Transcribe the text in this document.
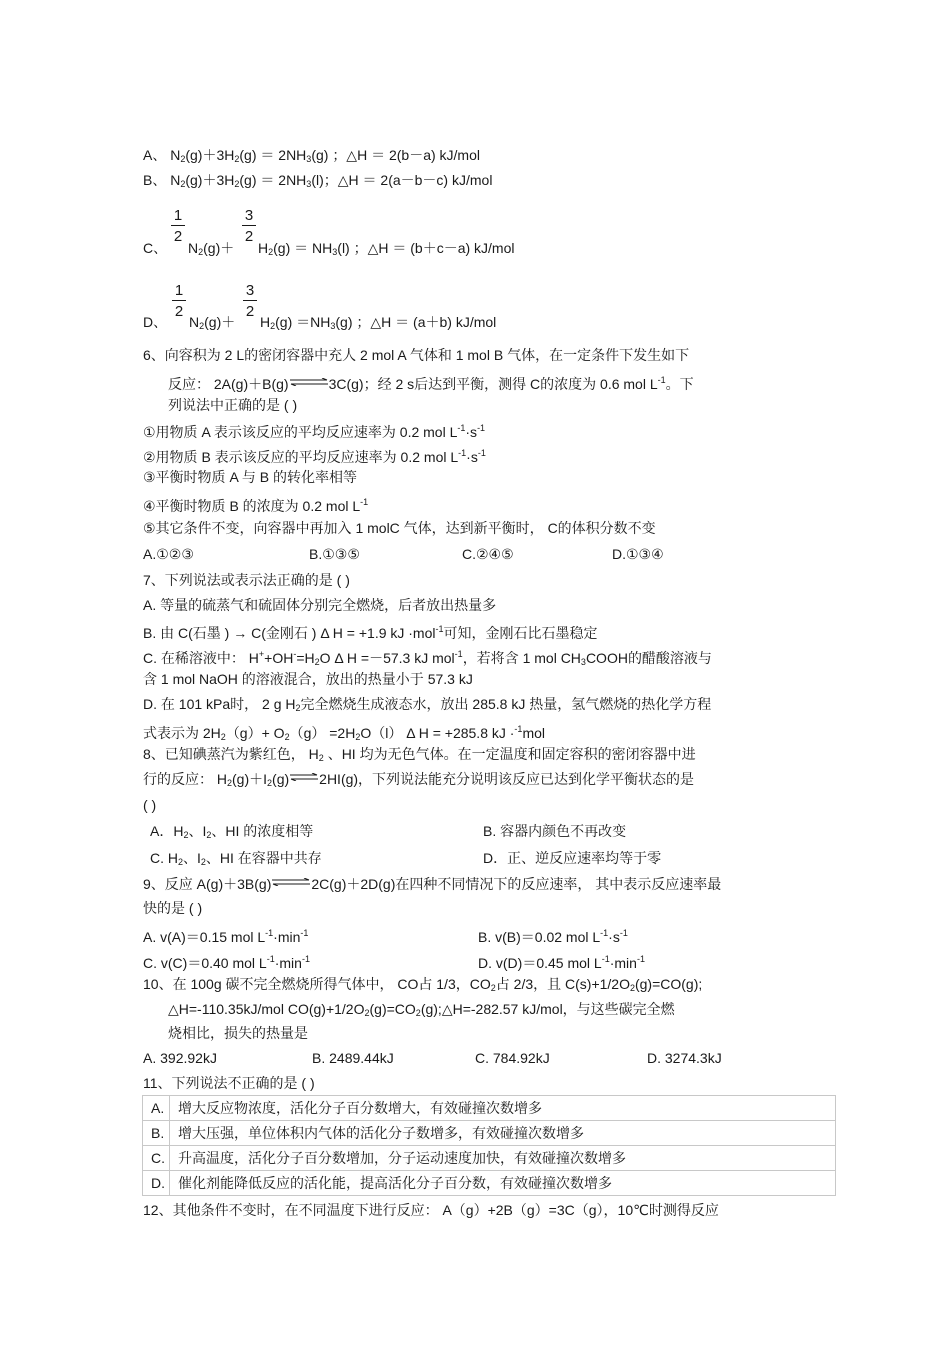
A、 $N_2(g)+3H_2(g) = 2NH_3(g)$ ；△H ＝ 2(b－a) kJ/mol
B、 $N_2(g)+3H_2(g) = 2NH_3(l)$；△H ＝ 2(a－b－c) kJ/mol
1
2
3
2
C、 $N_2(g)+ H_2(g) = NH_3(l)$ ；△H ＝ (b＋c－a) kJ/mol
1
2
3
2
D、 $N_2(g)+ H_2(g) =NH_3(g)$ ；△H ＝ (a＋b) kJ/mol
6、向容积为 2 L的密闭容器中充人 2 mol A 气体和 1 mol B 气体，在一定条件下发生如下
反应： 2A(g)＋B(g)⇌3C(g)；经 2 s后达到平衡，测得 C的浓度为 0.6 mol $L^{-1}$。下
列说法中正确的是 ( )
①用物质 A 表示该反应的平均反应速率为 0.2 mol $L^{-1}\cdot s^{-1}$
②用物质 B 表示该反应的平均反应速率为 0.2 mol $L^{-1}\cdot s^{-1}$
③平衡时物质 A 与 B 的转化率相等
④平衡时物质 B 的浓度为 0.2 mol $L^{-1}$
⑤其它条件不变，向容器中再加入 1 molC 气体，达到新平衡时， C的体积分数不变
A.①②③	B.①③⑤	C.②④⑤	D.①③④
7、下列说法或表示法正确的是 ( )
A. 等量的硫蒸气和硫固体分别完全燃烧，后者放出热量多
B. 由 C(石墨 ) → C(金刚石 ) Δ H = +1.9 kJ ·mol$^{-1}$可知，金刚石比石墨稳定
C. 在稀溶液中： $H^++OH^-=H_2O$ Δ H =－57.3 kJ mol$^{-1}$，若将含 1 mol $CH_3COOH$的醋酸溶液与
含 1 mol NaOH 的溶液混合，放出的热量小于 57.3 kJ
D. 在 101 kPa时， 2 g $H_2$完全燃烧生成液态水，放出 285.8 kJ 热量，氢气燃烧的热化学方程
式表示为 $2H_2(g)+ O_2(g) =2H_2O(l)$ Δ H = +285.8 kJ ·$^{-1}$mol
8、已知碘蒸汽为紫红色， $H_2$ 、HI 均为无色气体。在一定温度和固定容积的密闭容器中进
行的反应： $H_2(g)+I_2(g)\rightleftharpoons 2HI(g)$，下列说法能充分说明该反应已达到化学平衡状态的是
( )
A．$H_2$、$I_2$、HI 的浓度相等	B. 容器内颜色不再改变
C. $H_2$、$I_2$、HI 在容器中共存	D．正、逆反应速率均等于零
9、反应 A(g)＋3B(g)⇌2C(g)＋2D(g)在四种不同情况下的反应速率， 其中表示反应速率最
快的是 ( )
A. v(A)＝0.15 mol $L^{-1}\cdot\min^{-1}$	B. v(B)＝0.02 mol $L^{-1}\cdot s^{-1}$
C. v(C)＝0.40 mol $L^{-1}\cdot\min^{-1}$	D. v(D)＝0.45 mol $L^{-1}\cdot\min^{-1}$
10、在 100g 碳不完全燃烧所得气体中， CO占 1/3，$CO_2$占 2/3，且 $C(s)+1/2O_2(g)=CO(g)$;
△H=-110.35kJ/mol $CO(g)+1/2O_2(g)=CO_2(g);\triangle H=-282.57$ kJ/mol，与这些碳完全燃
烧相比，损失的热量是
A. 392.92kJ	B. 2489.44kJ	C. 784.92kJ	D. 3274.3kJ
11、下列说法不正确的是 ( )
A.	增大反应物浓度，活化分子百分数增大，有效碰撞次数增多
B.	增大压强，单位体积内气体的活化分子数增多，有效碰撞次数增多
C.	升高温度，活化分子百分数增加，分子运动速度加快，有效碰撞次数增多
D.	催化剂能降低反应的活化能，提高活化分子百分数，有效碰撞次数增多
12、其他条件不变时，在不同温度下进行反应： A（g）+2B（g）=3C（g），10℃时测得反应
